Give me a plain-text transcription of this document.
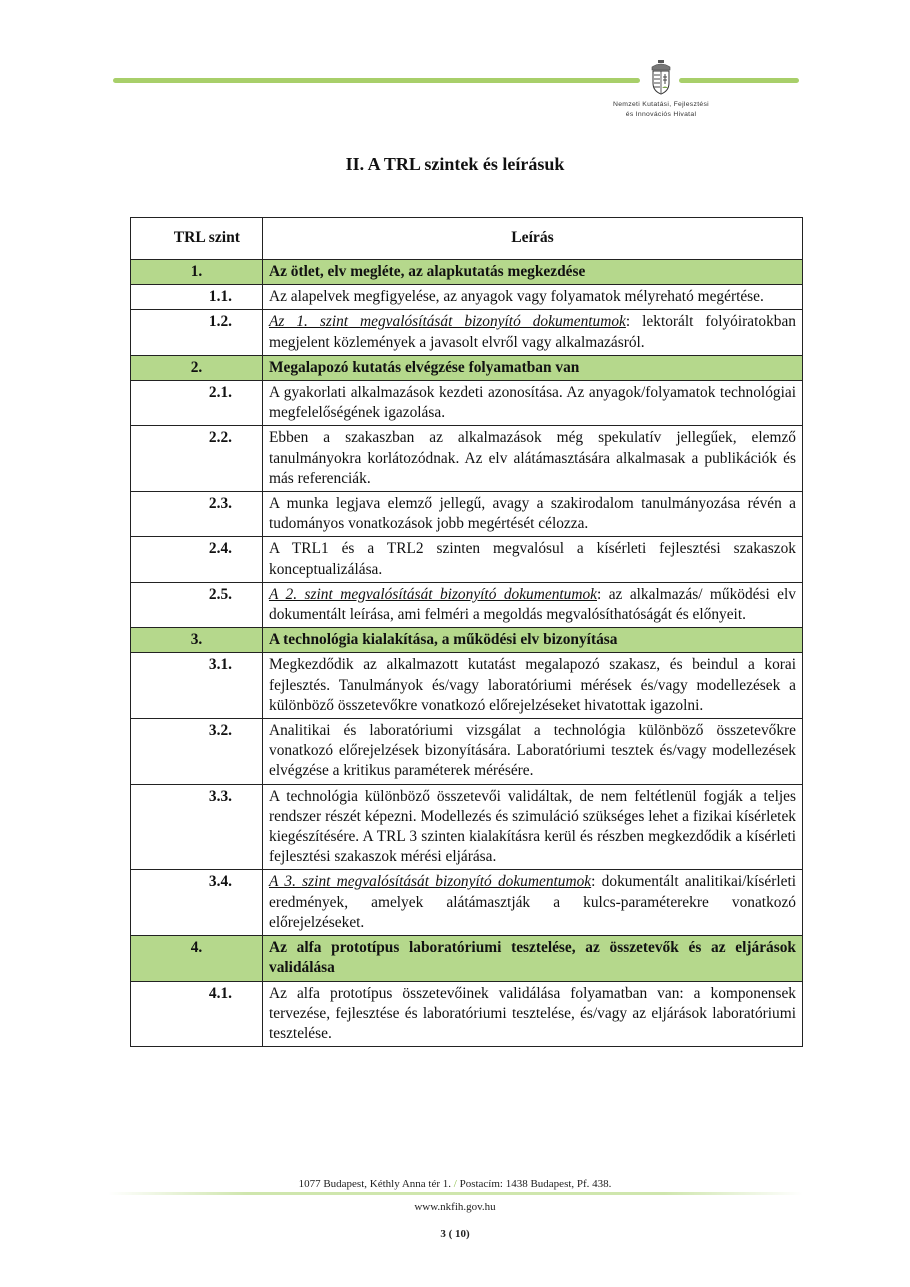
Nemzeti Kutatási, Fejlesztési
és Innovációs Hivatal
II. A TRL szintek és leírásuk
TRL szint	Leírás
1.	Az ötlet, elv megléte, az alapkutatás megkezdése
1.1.	Az alapelvek megfigyelése, az anyagok vagy folyamatok mélyreható megértése.
1.2.	Az 1. szint megvalósítását bizonyító dokumentumok: lektorált folyóiratokban megjelent közlemények a javasolt elvről vagy alkalmazásról.
2.	Megalapozó kutatás elvégzése folyamatban van
2.1.	A gyakorlati alkalmazások kezdeti azonosítása. Az anyagok/folyamatok technológiai megfelelőségének igazolása.
2.2.	Ebben a szakaszban az alkalmazások még spekulatív jellegűek, elemző tanulmányokra korlátozódnak. Az elv alátámasztására alkalmasak a publikációk és más referenciák.
2.3.	A munka legjava elemző jellegű, avagy a szakirodalom tanulmányozása révén a tudományos vonatkozások jobb megértését célozza.
2.4.	A TRL1 és a TRL2 szinten megvalósul a kísérleti fejlesztési szakaszok konceptualizálása.
2.5.	A 2. szint megvalósítását bizonyító dokumentumok: az alkalmazás/ működési elv dokumentált leírása, ami felméri a megoldás megvalósíthatóságát és előnyeit.
3.	A technológia kialakítása, a működési elv bizonyítása
3.1.	Megkezdődik az alkalmazott kutatást megalapozó szakasz, és beindul a korai fejlesztés. Tanulmányok és/vagy laboratóriumi mérések és/vagy modellezések a különböző összetevőkre vonatkozó előrejelzéseket hivatottak igazolni.
3.2.	Analitikai és laboratóriumi vizsgálat a technológia különböző összetevőkre vonatkozó előrejelzések bizonyítására. Laboratóriumi tesztek és/vagy modellezések elvégzése a kritikus paraméterek mérésére.
3.3.	A technológia különböző összetevői validáltak, de nem feltétlenül fogják a teljes rendszer részét képezni. Modellezés és szimuláció szükséges lehet a fizikai kísérletek kiegészítésére. A TRL 3 szinten kialakításra kerül és részben megkezdődik a kísérleti fejlesztési szakaszok mérési eljárása.
3.4.	A 3. szint megvalósítását bizonyító dokumentumok: dokumentált analitikai/kísérleti eredmények, amelyek alátámasztják a kulcs-paraméterekre vonatkozó előrejelzéseket.
4.	Az alfa prototípus laboratóriumi tesztelése, az összetevők és az eljárások validálása
4.1.	Az alfa prototípus összetevőinek validálása folyamatban van: a komponensek tervezése, fejlesztése és laboratóriumi tesztelése, és/vagy az eljárások laboratóriumi tesztelése.
1077 Budapest, Kéthly Anna tér 1. / Postacím: 1438 Budapest, Pf. 438.
www.nkfih.gov.hu
3 ( 10)
